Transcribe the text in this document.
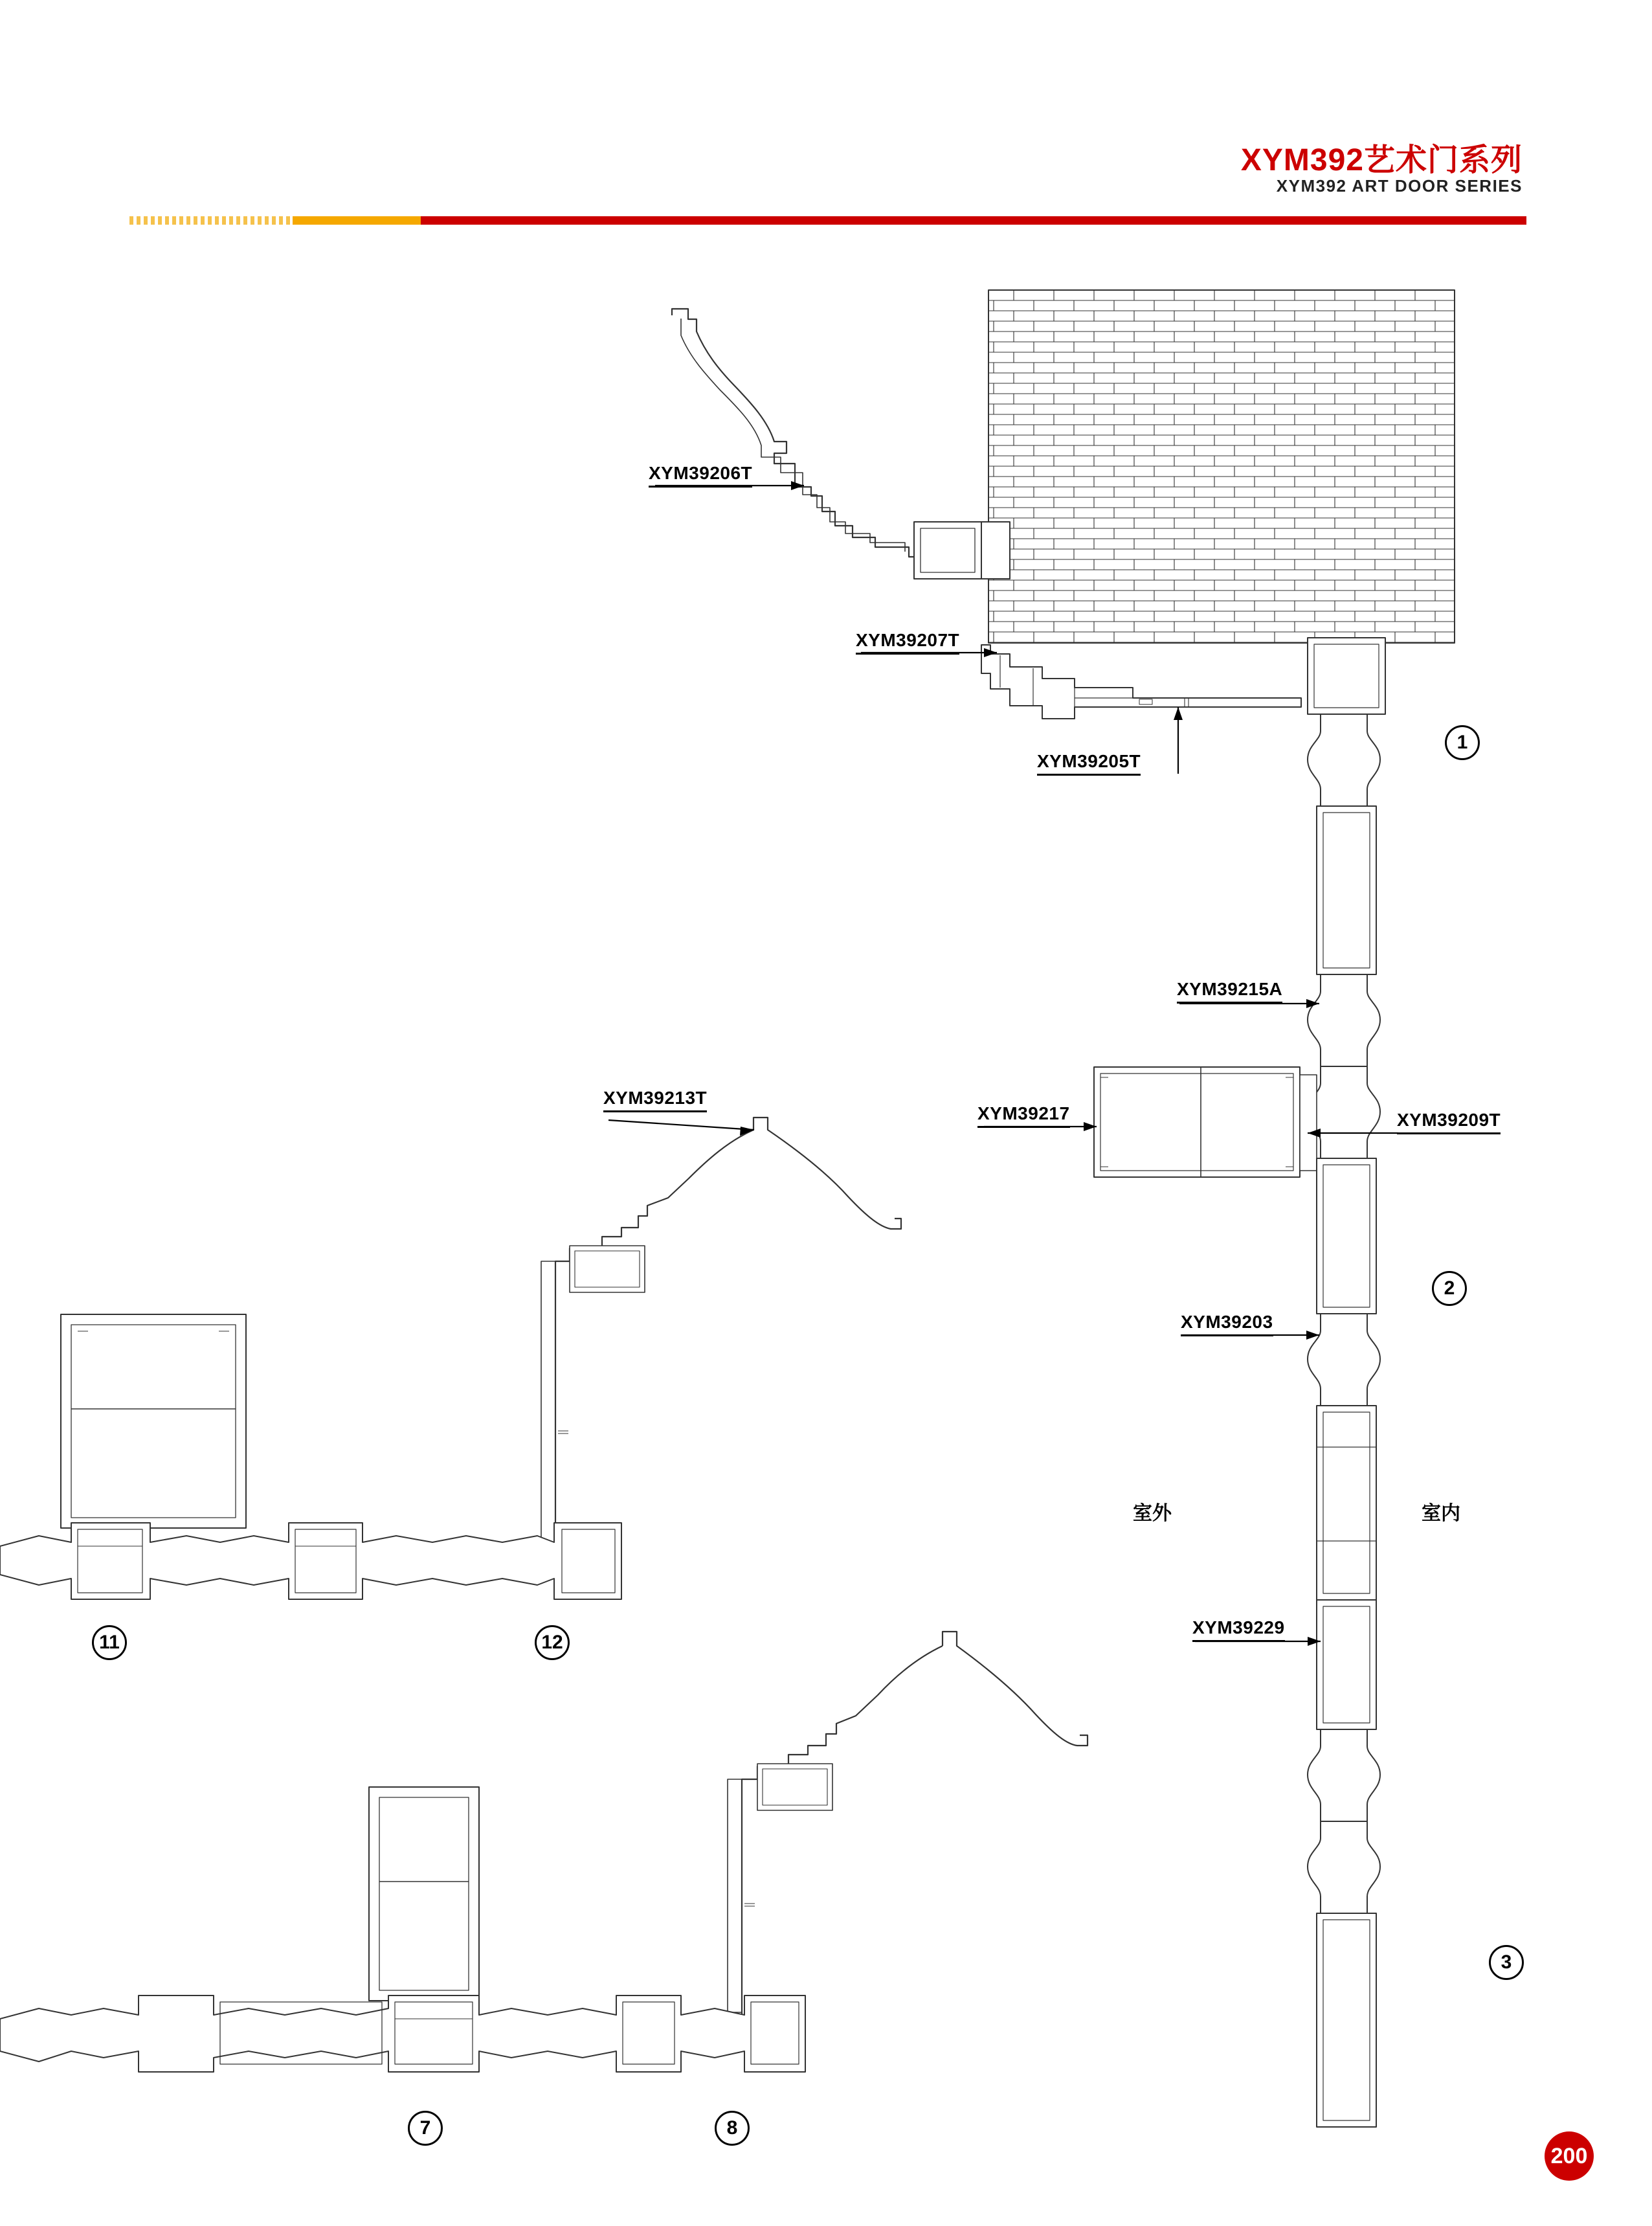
XYM392艺术门系列
XYM392 ART DOOR SERIES
XYM39206T
XYM39207T
XYM39205T
XYM39215A
XYM39217	XYM39209T
XYM39203
XYM39229
XYM39213T
室外	室内
1
2
3
7	8
11	12
200
